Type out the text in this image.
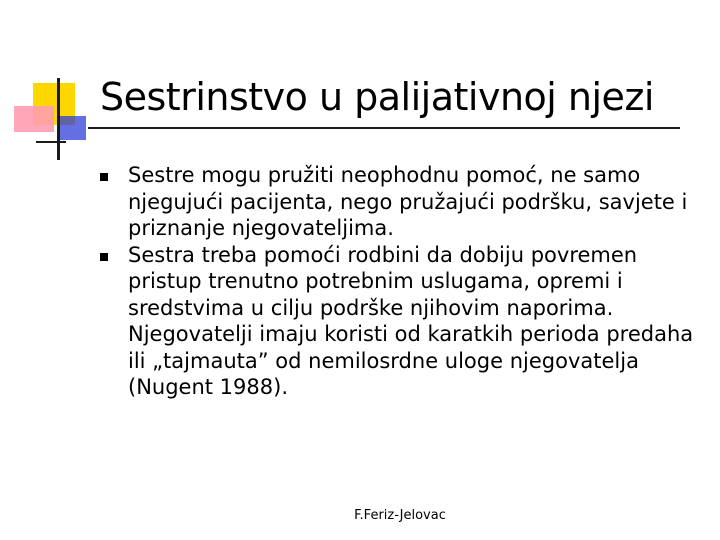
Sestrinstvo u palijativnoj njezi
Sestre mogu pružiti neophodnu pomoć, ne samo njegujući pacijenta, nego pružajući podršku, savjete i priznanje njegovateljima.
Sestra treba pomoći rodbini da dobiju povremen pristup trenutno potrebnim uslugama, opremi i sredstvima u cilju podrške njihovim naporima. Njegovatelji imaju koristi od karatkih perioda predaha ili „tajmauta” od nemilosrdne uloge njegovatelja (Nugent 1988).
F.Feriz-Jelovac
